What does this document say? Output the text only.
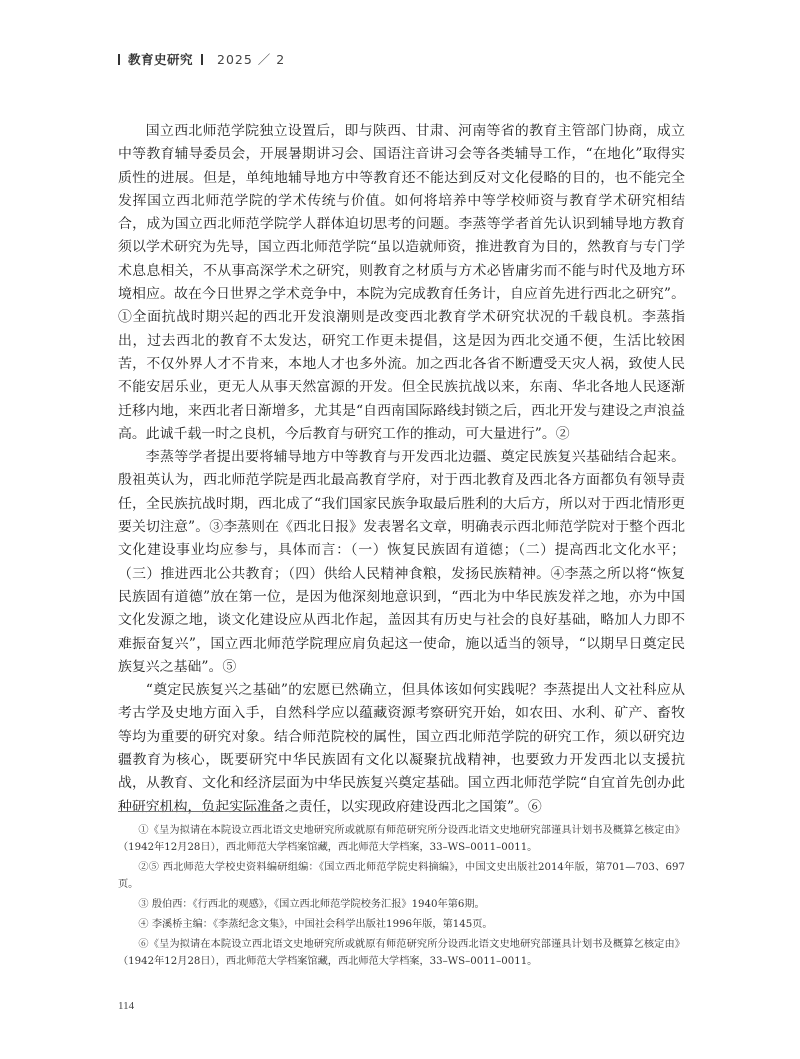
教育史研究 2025 ／ 2

国立西北师范学院独立设置后，即与陕西、甘肃、河南等省的教育主管部门协商，成立中等教育辅导委员会，开展暑期讲习会、国语注音讲习会等各类辅导工作，“在地化”取得实质性的进展。但是，单纯地辅导地方中等教育还不能达到反对文化侵略的目的，也不能完全发挥国立西北师范学院的学术传统与价值。如何将培养中等学校师资与教育学术研究相结合，成为国立西北师范学院学人群体迫切思考的问题。李蒸等学者首先认识到辅导地方教育须以学术研究为先导，国立西北师范学院“虽以造就师资，推进教育为目的，然教育与专门学术息息相关，不从事高深学术之研究，则教育之材质与方术必皆庸劣而不能与时代及地方环境相应。故在今日世界之学术竞争中，本院为完成教育任务计，自应首先进行西北之研究”。①全面抗战时期兴起的西北开发浪潮则是改变西北教育学术研究状况的千载良机。李蒸指出，过去西北的教育不太发达，研究工作更未提倡，这是因为西北交通不便，生活比较困苦，不仅外界人才不肯来，本地人才也多外流。加之西北各省不断遭受天灾人祸，致使人民不能安居乐业，更无人从事天然富源的开发。但全民族抗战以来，东南、华北各地人民逐渐迁移内地，来西北者日渐增多，尤其是“自西南国际路线封锁之后，西北开发与建设之声浪益高。此诚千载一时之良机，今后教育与研究工作的推动，可大量进行”。②

李蒸等学者提出要将辅导地方中等教育与开发西北边疆、奠定民族复兴基础结合起来。殷祖英认为，西北师范学院是西北最高教育学府，对于西北教育及西北各方面都负有领导责任，全民族抗战时期，西北成了“我们国家民族争取最后胜利的大后方，所以对于西北情形更要关切注意”。③李蒸则在《西北日报》发表署名文章，明确表示西北师范学院对于整个西北文化建设事业均应参与，具体而言：（一）恢复民族固有道德；（二）提高西北文化水平；（三）推进西北公共教育；（四）供给人民精神食粮，发扬民族精神。④李蒸之所以将“恢复民族固有道德”放在第一位，是因为他深刻地意识到，“西北为中华民族发祥之地，亦为中国文化发源之地，谈文化建设应从西北作起，盖因其有历史与社会的良好基础，略加人力即不难振奋复兴”，国立西北师范学院理应肩负起这一使命，施以适当的领导，“以期早日奠定民族复兴之基础”。⑤

“奠定民族复兴之基础”的宏愿已然确立，但具体该如何实践呢？李蒸提出人文社科应从考古学及史地方面入手，自然科学应以蕴藏资源考察研究开始，如农田、水利、矿产、畜牧等均为重要的研究对象。结合师范院校的属性，国立西北师范学院的研究工作，须以研究边疆教育为核心，既要研究中华民族固有文化以凝聚抗战精神，也要致力开发西北以支援抗战，从教育、文化和经济层面为中华民族复兴奠定基础。国立西北师范学院“自宜首先创办此种研究机构，负起实际准备之责任，以实现政府建设西北之国策”。⑥

①《呈为拟请在本院设立西北语文史地研究所或就原有师范研究所分设西北语文史地研究部谨具计划书及概算乞核定由》（1942年12月28日），西北师范大学档案馆藏，西北师范大学档案，33–WS–0011–0011。

②⑤ 西北师范大学校史资料编研组编：《国立西北师范学院史料摘编》，中国文史出版社2014年版，第701—703、697页。

③ 殷伯西：《行西北的观感》，《国立西北师范学院校务汇报》1940年第6期。

④ 李溪桥主编：《李蒸纪念文集》，中国社会科学出版社1996年版，第145页。

⑥《呈为拟请在本院设立西北语文史地研究所或就原有师范研究所分设西北语文史地研究部谨具计划书及概算乞核定由》（1942年12月28日），西北师范大学档案馆藏，西北师范大学档案，33–WS–0011–0011。

114
